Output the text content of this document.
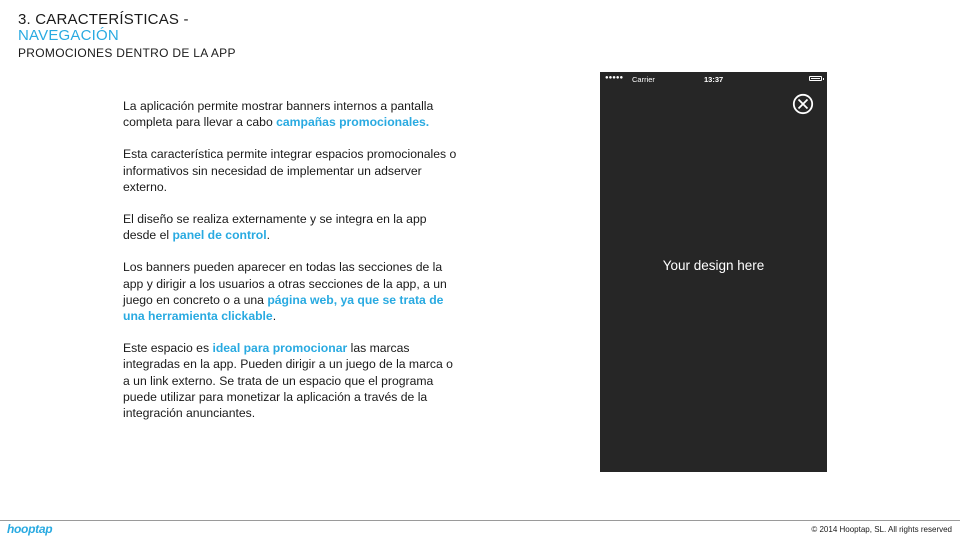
3. CARACTERÍSTICAS -
NAVEGACIÓN
PROMOCIONES DENTRO DE LA APP

La aplicación permite mostrar banners internos a pantalla completa para llevar a cabo campañas promocionales.

Esta característica permite integrar espacios promocionales o informativos sin necesidad de implementar un adserver externo.

El diseño se realiza externamente y se integra en la app desde el panel de control.

Los banners pueden aparecer en todas las secciones de la app y dirigir a los usuarios a otras secciones de la app, a un juego en concreto o a una página web, ya que se trata de una herramienta clickable.

Este espacio es ideal para promocionar las marcas integradas en la app. Pueden dirigir a un juego de la marca o a un link externo. Se trata de un espacio que el programa puede utilizar para monetizar la aplicación a través de la integración anunciantes.

●●●●● Carrier	13:37
Your design here
hooptap	© 2014 Hooptap, SL. All rights reserved
